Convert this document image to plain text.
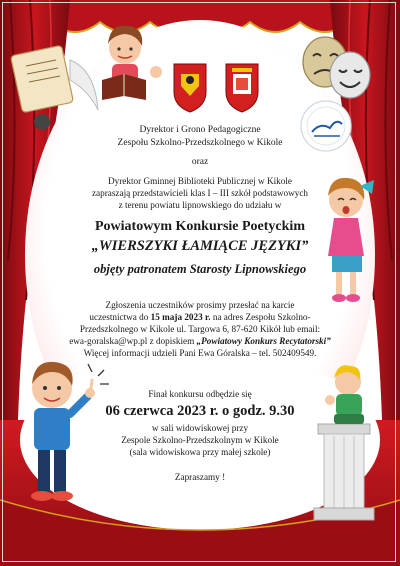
Dyrektor i Grono Pedagogiczne
Zespołu Szkolno-Przedszkolnego w Kikole
oraz
Dyrektor Gminnej Biblioteki Publicznej w Kikole
zapraszają przedstawicieli klas I – III szkół podstawowych
z terenu powiatu lipnowskiego do udziału w
Powiatowym Konkursie Poetyckim
„WIERSZYKI ŁAMIĄCE JĘZYKI”
objęty patronatem Starosty Lipnowskiego
Zgłoszenia uczestników prosimy przesłać na karcie
uczestnictwa do 15 maja 2023 r. na adres Zespołu Szkolno-
Przedszkolnego w Kikole ul. Targowa 6, 87-620 Kikół lub email:
ewa-goralska@wp.pl z dopiskiem „Powiatowy Konkurs Recytatorski”
Więcej informacji udzieli Pani Ewa Góralska – tel. 502409549.
Finał konkursu odbędzie się
06 czerwca 2023 r. o godz. 9.30
w sali widowiskowej przy
Zespole Szkolno-Przedszkolnym w Kikole
(sala widowiskowa przy małej szkole)
Zapraszamy !
